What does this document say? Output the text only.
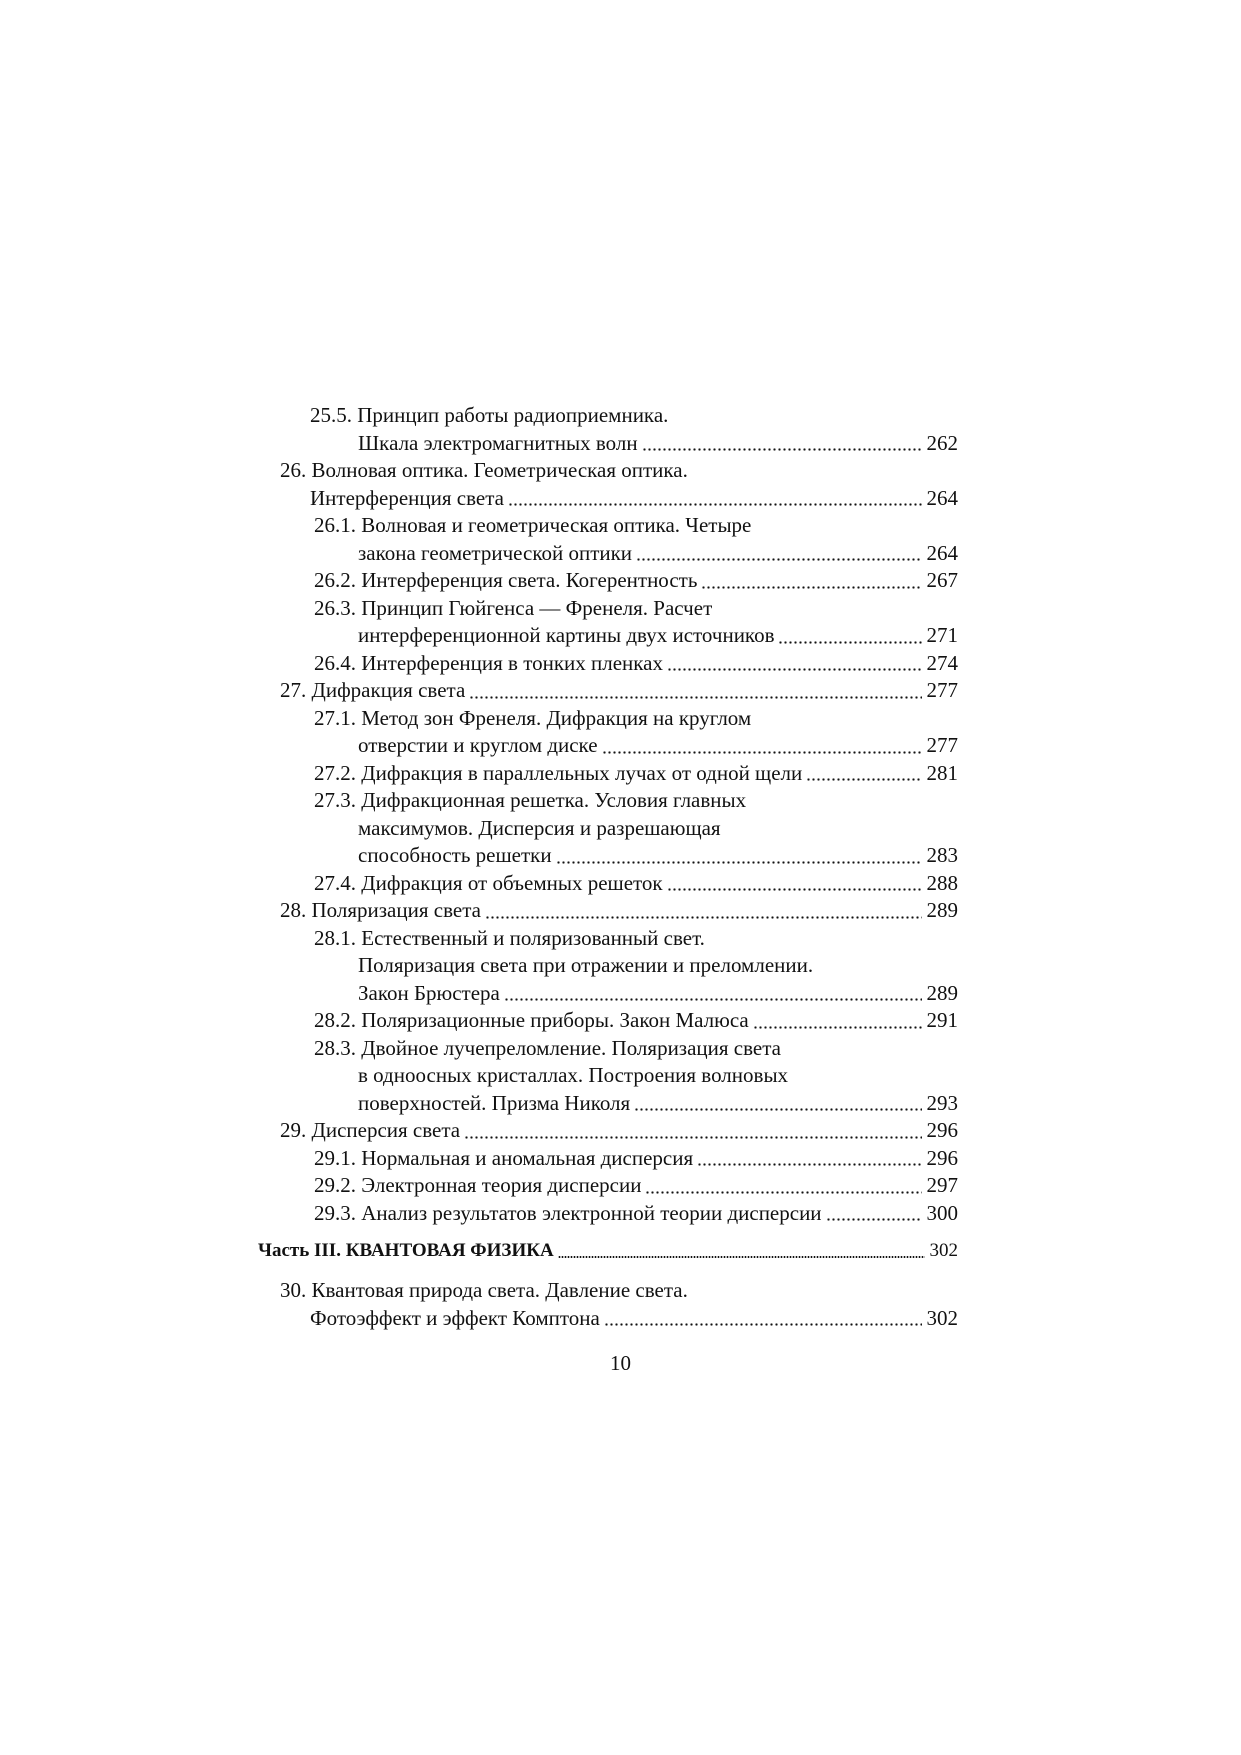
25.5. Принцип работы радиоприемника.
Шкала электромагнитных волн	262
26. Волновая оптика. Геометрическая оптика.
Интерференция света	264
26.1. Волновая и геометрическая оптика. Четыре
закона геометрической оптики	264
26.2. Интерференция света. Когерентность	267
26.3. Принцип Гюйгенса — Френеля. Расчет
интерференционной картины двух источников	271
26.4. Интерференция в тонких пленках	274
27. Дифракция света	277
27.1. Метод зон Френеля. Дифракция на круглом
отверстии и круглом диске	277
27.2. Дифракция в параллельных лучах от одной щели	281
27.3. Дифракционная решетка. Условия главных
максимумов. Дисперсия и разрешающая
способность решетки	283
27.4. Дифракция от объемных решеток	288
28. Поляризация света	289
28.1. Естественный и поляризованный свет.
Поляризация света при отражении и преломлении.
Закон Брюстера	289
28.2. Поляризационные приборы. Закон Малюса	291
28.3. Двойное лучепреломление. Поляризация света
в одноосных кристаллах. Построения волновых
поверхностей. Призма Николя	293
29. Дисперсия света	296
29.1. Нормальная и аномальная дисперсия	296
29.2. Электронная теория дисперсии	297
29.3. Анализ результатов электронной теории дисперсии	300
Часть III. КВАНТОВАЯ ФИЗИКА	302
30. Квантовая природа света. Давление света.
Фотоэффект и эффект Комптона	302
10
